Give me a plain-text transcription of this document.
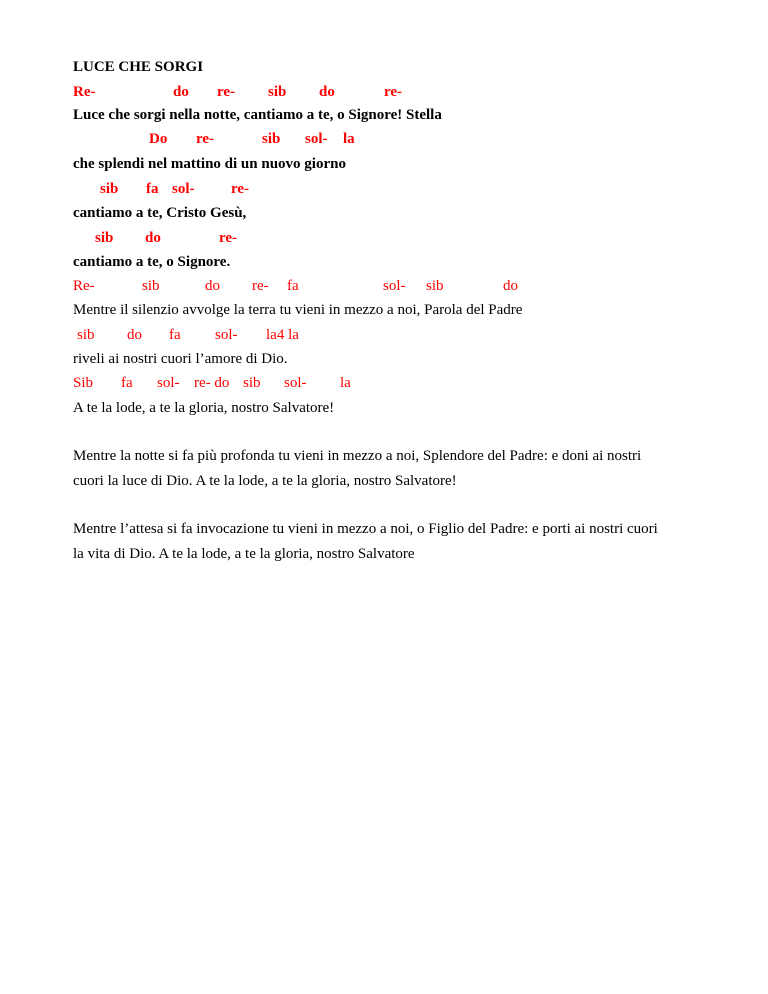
LUCE CHE SORGI

Re-

	do

re-

sib

do

	re-

Luce che sorgi nella notte, cantiamo a te, o Signore! Stella

Do

re-

	sib

sol-

la

che splendi nel mattino di un nuovo giorno

sib

fa

sol-

re-

cantiamo a te, Cristo Gesù,

sib

do

	re-

cantiamo a te, o Signore.

Re-

	sib

	do

re-

fa

	sol-

sib

	do

Mentre il silenzio avvolge la terra tu vieni in mezzo a noi, Parola del Padre

sib

do

fa

sol-

la4 la

riveli ai nostri cuori l’amore di Dio.

Sib

fa

sol-

re- do

sib

sol-

la

A te la lode, a te la gloria, nostro Salvatore!
Mentre la notte si fa più profonda tu vieni in mezzo a noi, Splendore del Padre: e doni ai nostri
cuori la luce di Dio. A te la lode, a te la gloria, nostro Salvatore!
Mentre l’attesa si fa invocazione tu vieni in mezzo a noi, o Figlio del Padre: e porti ai nostri cuori
la vita di Dio. A te la lode, a te la gloria, nostro Salvatore
